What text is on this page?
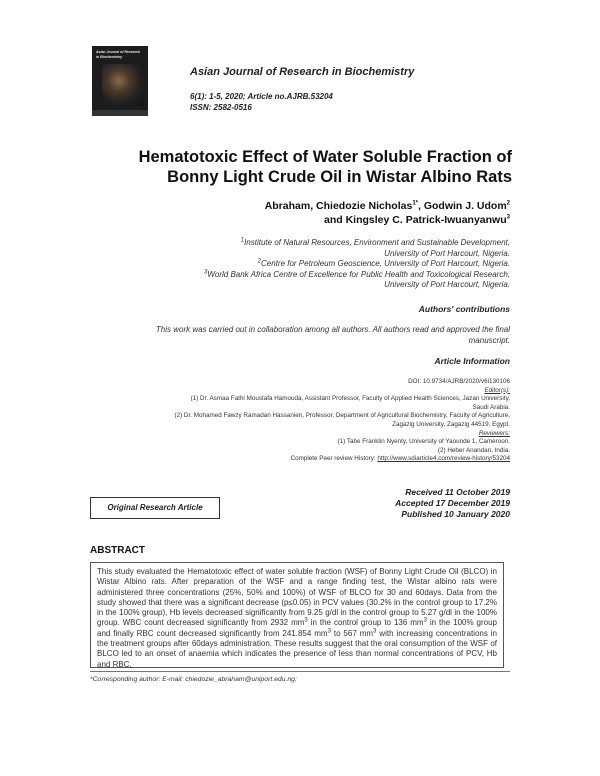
Asian Journal of Research in Biochemistry
Asian Journal of Research in Biochemistry
6(1): 1-5, 2020; Article no.AJRB.53204
ISSN: 2582-0516
Hematotoxic Effect of Water Soluble Fraction of
Bonny Light Crude Oil in Wistar Albino Rats
Abraham, Chiedozie Nicholas$^{1*}$, Godwin J. Udom$^2$
and Kingsley C. Patrick-Iwuanyanwu$^3$
$^1$Institute of Natural Resources, Environment and Sustainable Development,
University of Port Harcourt, Nigeria.
$^2$Centre for Petroleum Geoscience, University of Port Harcourt, Nigeria.
$^3$World Bank Africa Centre of Excellence for Public Health and Toxicological Research,
University of Port Harcourt, Nigeria.
Authors' contributions
This work was carried out in collaboration among all authors. All authors read and approved the final
manuscript.
Article Information
DOI: 10.9734/AJRB/2020/v6i130106
Editor(s):
(1) Dr. Asmaa Fathi Moustafa Hamouda, Assistant Professor, Faculty of Applied Health Sciences, Jazan University,
Saudi Arabia.
(2) Dr. Mohamed Fawzy Ramadan Hassanien, Professor, Department of Agricultural Biochemistry, Faculty of Agriculture,
Zagazig University, Zagazig 44519, Egypt.
Reviewers:
(1) Tabe Franklin Nyenty, University of Yaounde 1, Cameroon.
(2) Heber Anandan, India.
Complete Peer review History: http://www.sdiarticle4.com/review-history/53204
Original Research Article
Received 11 October 2019
Accepted 17 December 2019
Published 10 January 2020
ABSTRACT
This study evaluated the Hematotoxic effect of water soluble fraction (WSF) of Bonny Light Crude Oil (BLCO) in Wistar Albino rats. After preparation of the WSF and a range finding test, the Wistar albino rats were administered three concentrations (25%, 50% and 100%) of WSF of BLCO for 30 and 60days. Data from the study showed that there was a significant decrease (p≤0.05) in PCV values (30.2% in the control group to 17.2% in the 100% group), Hb levels decreased significantly from 9.25 g/dl in the control group to 5.27 g/dl in the 100% group. WBC count decreased significantly from 2932 $mm^3$ in the control group to 136 $mm^3$ in the 100% group and finally RBC count decreased significantly from 241.854 $mm^3$ to 567 $mm^3$ with increasing concentrations in the treatment groups after 60days administration. These results suggest that the oral consumption of the WSF of BLCO led to an onset of anaemia which indicates the presence of less than normal concentrations of PCV, Hb and RBC.
*Corresponding author: E-mail: chiedozie_abraham@uniport.edu.ng;
